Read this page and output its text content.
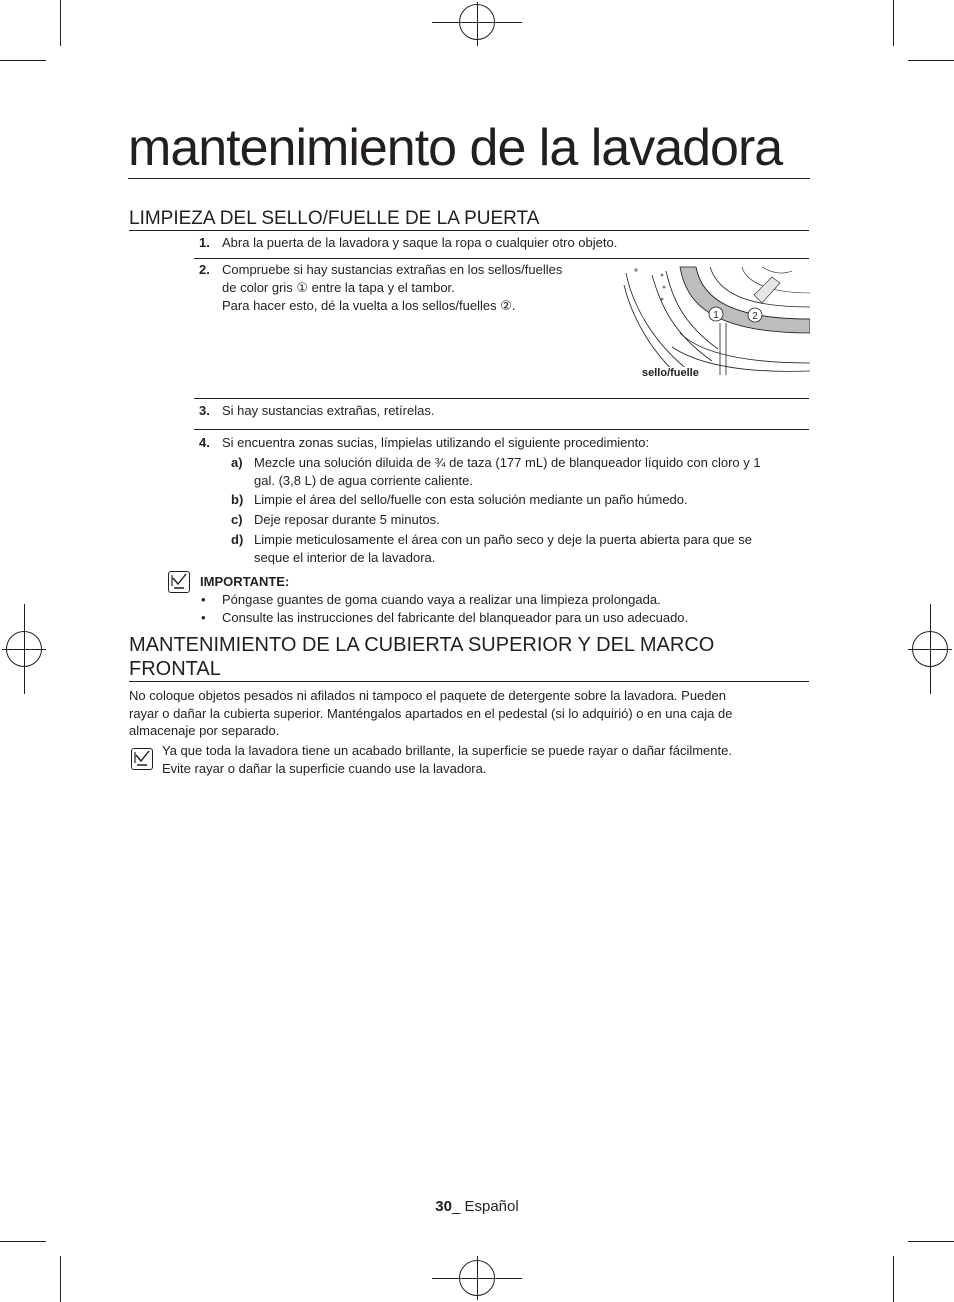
mantenimiento de la lavadora
LIMPIEZA DEL SELLO/FUELLE DE LA PUERTA
1. Abra la puerta de la lavadora y saque la ropa o cualquier otro objeto.
2. Compruebe si hay sustancias extrañas en los sellos/fuelles
de color gris ① entre la tapa y el tambor.
Para hacer esto, dé la vuelta a los sellos/fuelles ②.
1	2
sello/fuelle
3. Si hay sustancias extrañas, retírelas.
4. Si encuentra zonas sucias, límpielas utilizando el siguiente procedimiento:
a) Mezcle una solución diluida de ¾ de taza (177 mL) de blanqueador líquido con cloro y 1
gal. (3,8 L) de agua corriente caliente.
b) Limpie el área del sello/fuelle con esta solución mediante un paño húmedo.
c) Deje reposar durante 5 minutos.
d) Limpie meticulosamente el área con un paño seco y deje la puerta abierta para que se
seque el interior de la lavadora.
IMPORTANTE:
• Póngase guantes de goma cuando vaya a realizar una limpieza prolongada.
• Consulte las instrucciones del fabricante del blanqueador para un uso adecuado.
MANTENIMIENTO DE LA CUBIERTA SUPERIOR Y DEL MARCO
FRONTAL
No coloque objetos pesados ni afilados ni tampoco el paquete de detergente sobre la lavadora. Pueden
rayar o dañar la cubierta superior. Manténgalos apartados en el pedestal (si lo adquirió) o en una caja de
almacenaje por separado.
Ya que toda la lavadora tiene un acabado brillante, la superficie se puede rayar o dañar fácilmente.
Evite rayar o dañar la superficie cuando use la lavadora.
30_ Español
